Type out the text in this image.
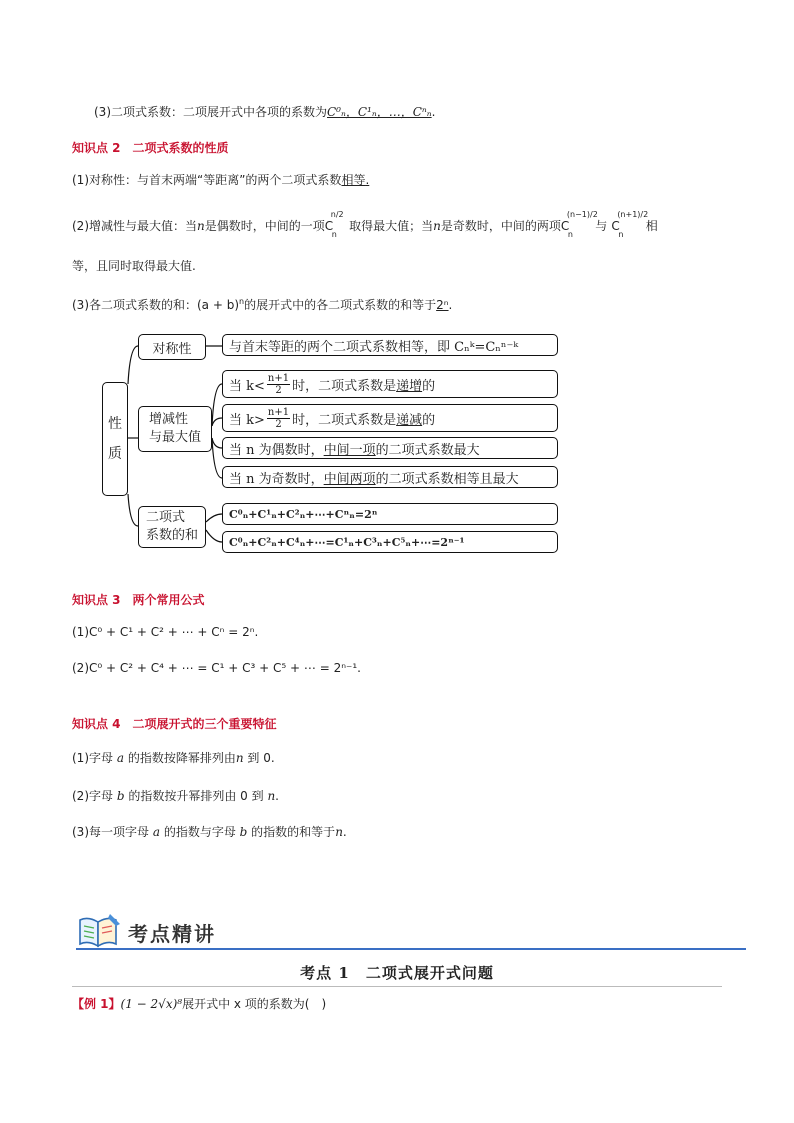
(3)二项式系数：二项展开式中各项的系数为C⁰ₙ，C¹ₙ，…，Cⁿₙ.
知识点 2　二项式系数的性质
(1)对称性：与首末两端“等距离”的两个二项式系数相等.
(2)增减性与最大值：当n是偶数时，中间的一项C
n/2
n
取得最大值；当n是奇数时，中间的两项C
(n−1)/2
n
与 C
(n+1)/2
n
相
等，且同时取得最大值.
(3)各二项式系数的和：$(a + b)^n$的展开式中的各二项式系数的和等于2ⁿ.
性
质
对称性
增减性
与最大值
二项式
系数的和
与首末等距的两个二项式系数相等，即 Cₙᵏ=Cₙⁿ⁻ᵏ
当 k<
n+1
2 时，二项式系数是 递增 的
当 k>
n+1
2 时，二项式系数是 递减 的
当 n 为偶数时， 中间一项 的二项式系数最大
当 n 为奇数时， 中间两项 的二项式系数相等且最大
C⁰ₙ+C¹ₙ+C²ₙ+⋯+Cⁿₙ=2ⁿ
C⁰ₙ+C²ₙ+C⁴ₙ+⋯=C¹ₙ+C³ₙ+C⁵ₙ+⋯=2ⁿ⁻¹
知识点 3　两个常用公式
(1)C⁰ + C¹ + C² + ⋯ + Cⁿ = 2ⁿ.
(2)C⁰ + C² + C⁴ + ⋯ = C¹ + C³ + C⁵ + ⋯ = 2ⁿ⁻¹.
知识点 4　二项展开式的三个重要特征
(1)字母 a 的指数按降幂排列由n 到 0.
(2)字母 b 的指数按升幂排列由 0 到 n.
(3)每一项字母 a 的指数与字母 b 的指数的和等于n.
考点精讲
考点 1　二项式展开式问题
【例 1】(1 − 2√x)⁸展开式中 x 项的系数为(　)
